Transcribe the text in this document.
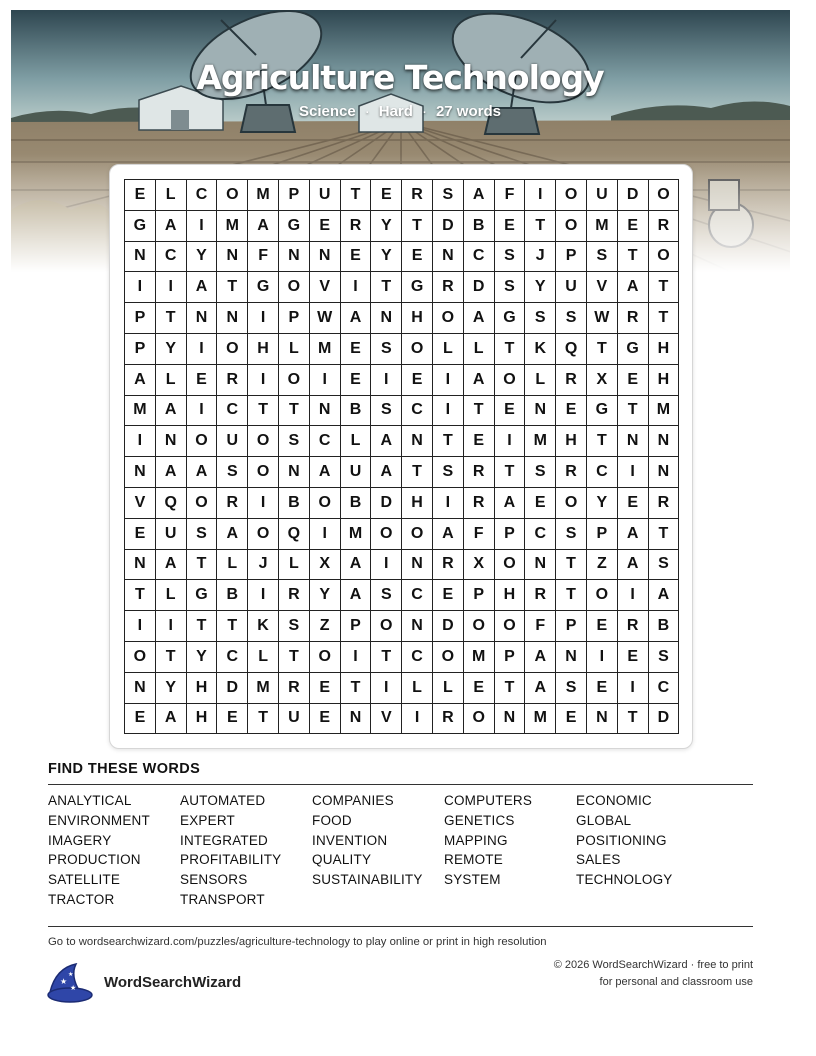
Agriculture Technology
Science · Hard · 27 words
E	L	C	O	M	P	U	T	E	R	S	A	F	I	O	U	D	O
G	A	I	M	A	G	E	R	Y	T	D	B	E	T	O	M	E	R
N	C	Y	N	F	N	N	E	Y	E	N	C	S	J	P	S	T	O
I	I	A	T	G	O	V	I	T	G	R	D	S	Y	U	V	A	T
P	T	N	N	I	P	W	A	N	H	O	A	G	S	S	W	R	T
P	Y	I	O	H	L	M	E	S	O	L	L	T	K	Q	T	G	H
A	L	E	R	I	O	I	E	I	E	I	A	O	L	R	X	E	H
M	A	I	C	T	T	N	B	S	C	I	T	E	N	E	G	T	M
I	N	O	U	O	S	C	L	A	N	T	E	I	M	H	T	N	N
N	A	A	S	O	N	A	U	A	T	S	R	T	S	R	C	I	N
V	Q	O	R	I	B	O	B	D	H	I	R	A	E	O	Y	E	R
E	U	S	A	O	Q	I	M	O	O	A	F	P	C	S	P	A	T
N	A	T	L	J	L	X	A	I	N	R	X	O	N	T	Z	A	S
T	L	G	B	I	R	Y	A	S	C	E	P	H	R	T	O	I	A
I	I	T	T	K	S	Z	P	O	N	D	O	O	F	P	E	R	B
O	T	Y	C	L	T	O	I	T	C	O	M	P	A	N	I	E	S
N	Y	H	D	M	R	E	T	I	L	L	E	T	A	S	E	I	C
E	A	H	E	T	U	E	N	V	I	R	O	N	M	E	N	T	D
FIND THESE WORDS
ANALYTICAL	AUTOMATED	COMPANIES	COMPUTERS	ECONOMIC
ENVIRONMENT	EXPERT	FOOD	GENETICS	GLOBAL
IMAGERY	INTEGRATED	INVENTION	MAPPING	POSITIONING
PRODUCTION	PROFITABILITY	QUALITY	REMOTE	SALES
SATELLITE	SENSORS	SUSTAINABILITY	SYSTEM	TECHNOLOGY
TRACTOR	TRANSPORT
Go to wordsearchwizard.com/puzzles/agriculture-technology to play online or print in high resolution
★
★
★ WordSearchWizard
© 2026 WordSearchWizard · free to print for personal and classroom use
